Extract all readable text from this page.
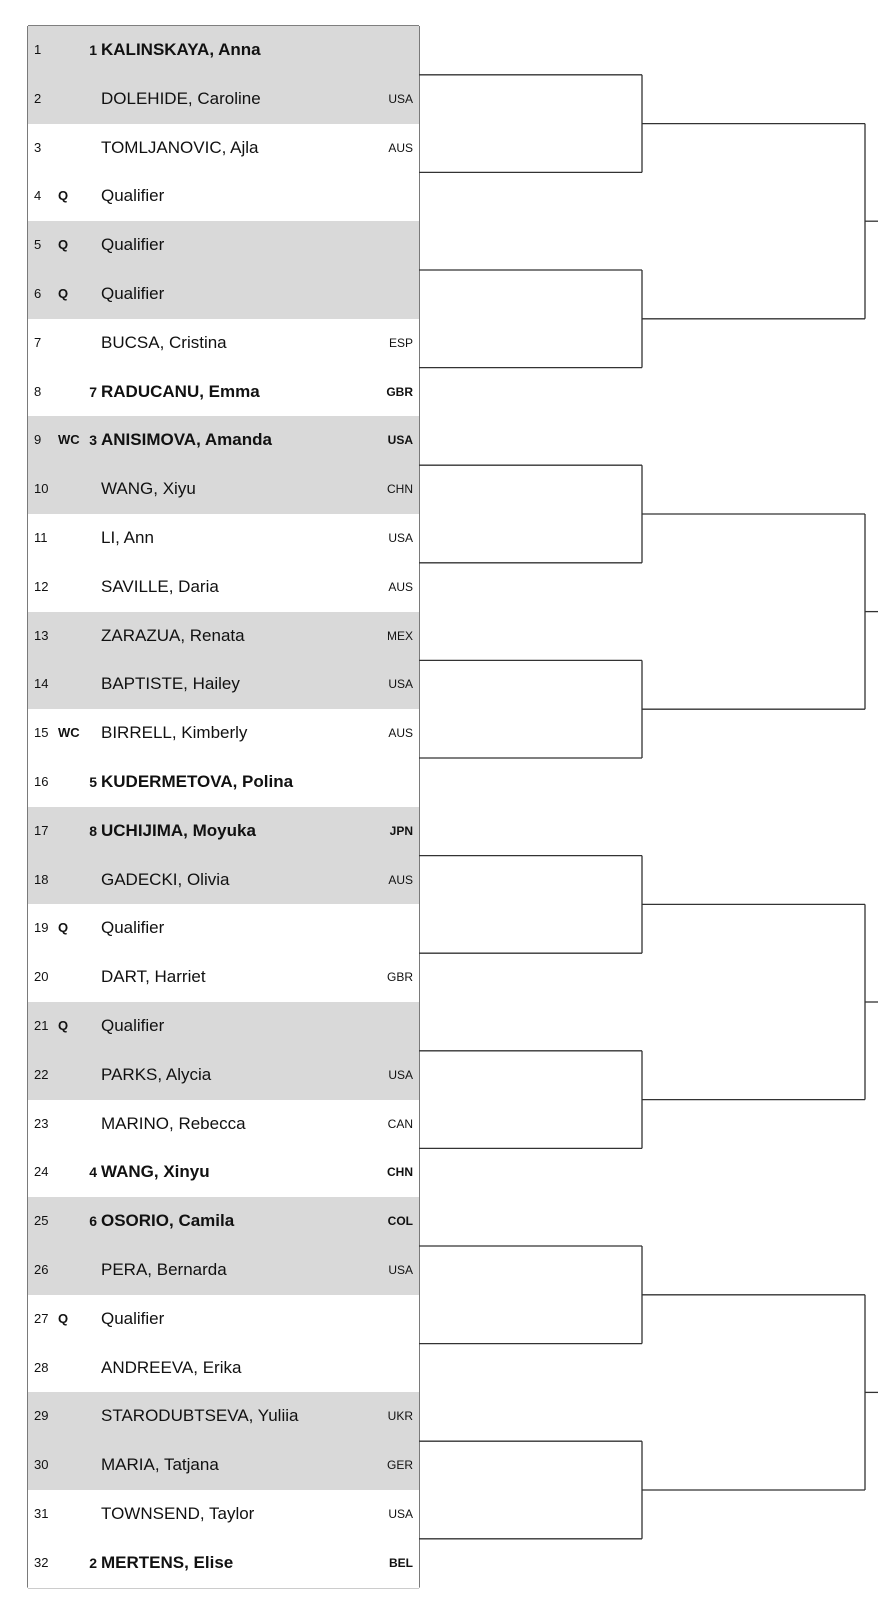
1	1 KALINSKAYA, Anna
2	DOLEHIDE, Caroline	USA
3	TOMLJANOVIC, Ajla	AUS
4 Q Qualifier
5 Q Qualifier
6 Q Qualifier
7	BUCSA, Cristina	ESP
8	7 RADUCANU, Emma	GBR
9 WC 3 ANISIMOVA, Amanda	USA
10	WANG, Xiyu	CHN
11	LI, Ann	USA
12	SAVILLE, Daria	AUS
13	ZARAZUA, Renata	MEX
14	BAPTISTE, Hailey	USA
15 WC BIRRELL, Kimberly	AUS
16	5 KUDERMETOVA, Polina
17	8 UCHIJIMA, Moyuka	JPN
18	GADECKI, Olivia	AUS
19 Q Qualifier
20	DART, Harriet	GBR
21 Q Qualifier
22	PARKS, Alycia	USA
23	MARINO, Rebecca	CAN
24	4 WANG, Xinyu	CHN
25	6 OSORIO, Camila	COL
26	PERA, Bernarda	USA
27 Q Qualifier
28	ANDREEVA, Erika
29	STARODUBTSEVA, Yuliia	UKR
30	MARIA, Tatjana	GER
31	TOWNSEND, Taylor	USA
32	2 MERTENS, Elise	BEL
